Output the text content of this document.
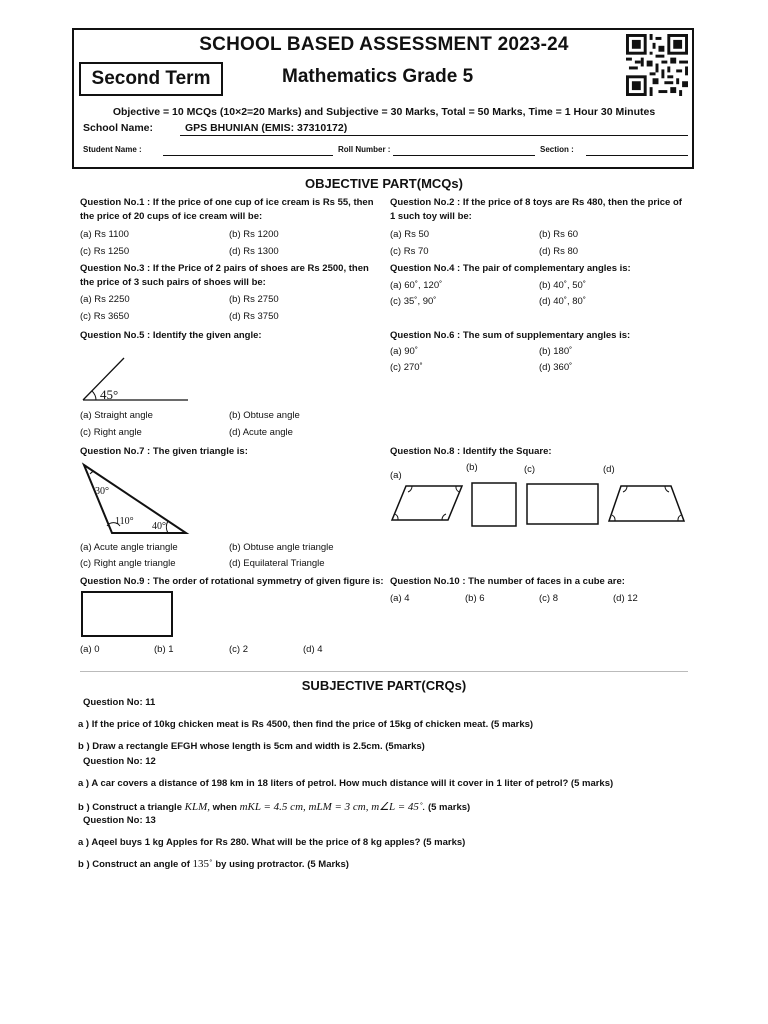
SCHOOL BASED ASSESSMENT 2023-24
Second Term	Mathematics Grade 5
Objective = 10 MCQs (10×2=20 Marks) and Subjective = 30 Marks, Total = 50 Marks, Time = 1 Hour 30 Minutes
School Name:	GPS BHUNIAN (EMIS: 37310172)
Student Name :	Roll Number :	Section :
OBJECTIVE PART(MCQs)
Question No.1 : If the price of one cup of ice cream is Rs 55, then the price of 20 cups of ice cream will be:
(a) Rs 1100	(b) Rs 1200
(c) Rs 1250	(d) Rs 1300
Question No.2 : If the price of 8 toys are Rs 480, then the price of 1 such toy will be:
(a) Rs 50	(b) Rs 60
(c) Rs 70	(d) Rs 80
Question No.3 : If the Price of 2 pairs of shoes are Rs 2500, then the price of 3 such pairs of shoes will be:
(a) Rs 2250	(b) Rs 2750
(c) Rs 3650	(d) Rs 3750
Question No.4 : The pair of complementary angles is:
(a) 60˚, 120˚	(b) 40˚, 50˚
(c) 35˚, 90˚	(d) 40˚, 80˚
Question No.5 : Identify the given angle:
45°
(a) Straight angle	(b) Obtuse angle
(c) Right angle	(d) Acute angle
Question No.6 : The sum of supplementary angles is:
(a) 90˚	(b) 180˚
(c) 270˚	(d) 360˚
Question No.7 : The given triangle is:
30°
110° 40°
(a) Acute angle triangle	(b) Obtuse angle triangle
(c) Right angle triangle	(d) Equilateral Triangle
Question No.8 : Identify the Square:
(a)
(b)	(c)	(d)
Question No.9 : The order of rotational symmetry of given figure is:
(a) 0	(b) 1	(c) 2	(d) 4
Question No.10 : The number of faces in a cube are:
(a) 4	(b) 6	(c) 8	(d) 12
SUBJECTIVE PART(CRQs)
Question No: 11
a ) If the price of 10kg chicken meat is Rs 4500, then find the price of 15kg of chicken meat. (5 marks)
b ) Draw a rectangle EFGH whose length is 5cm and width is 2.5cm. (5marks)
Question No: 12
a ) A car covers a distance of 198 km in 18 liters of petrol. How much distance will it cover in 1 liter of petrol? (5 marks)
b ) Construct a triangle KLM, when mKL = 4.5 cm, mLM = 3 cm, m∠L = 45˚. (5 marks)
Question No: 13
a ) Aqeel buys 1 kg Apples for Rs 280. What will be the price of 8 kg apples? (5 marks)
b ) Construct an angle of 135˚ by using protractor. (5 Marks)
